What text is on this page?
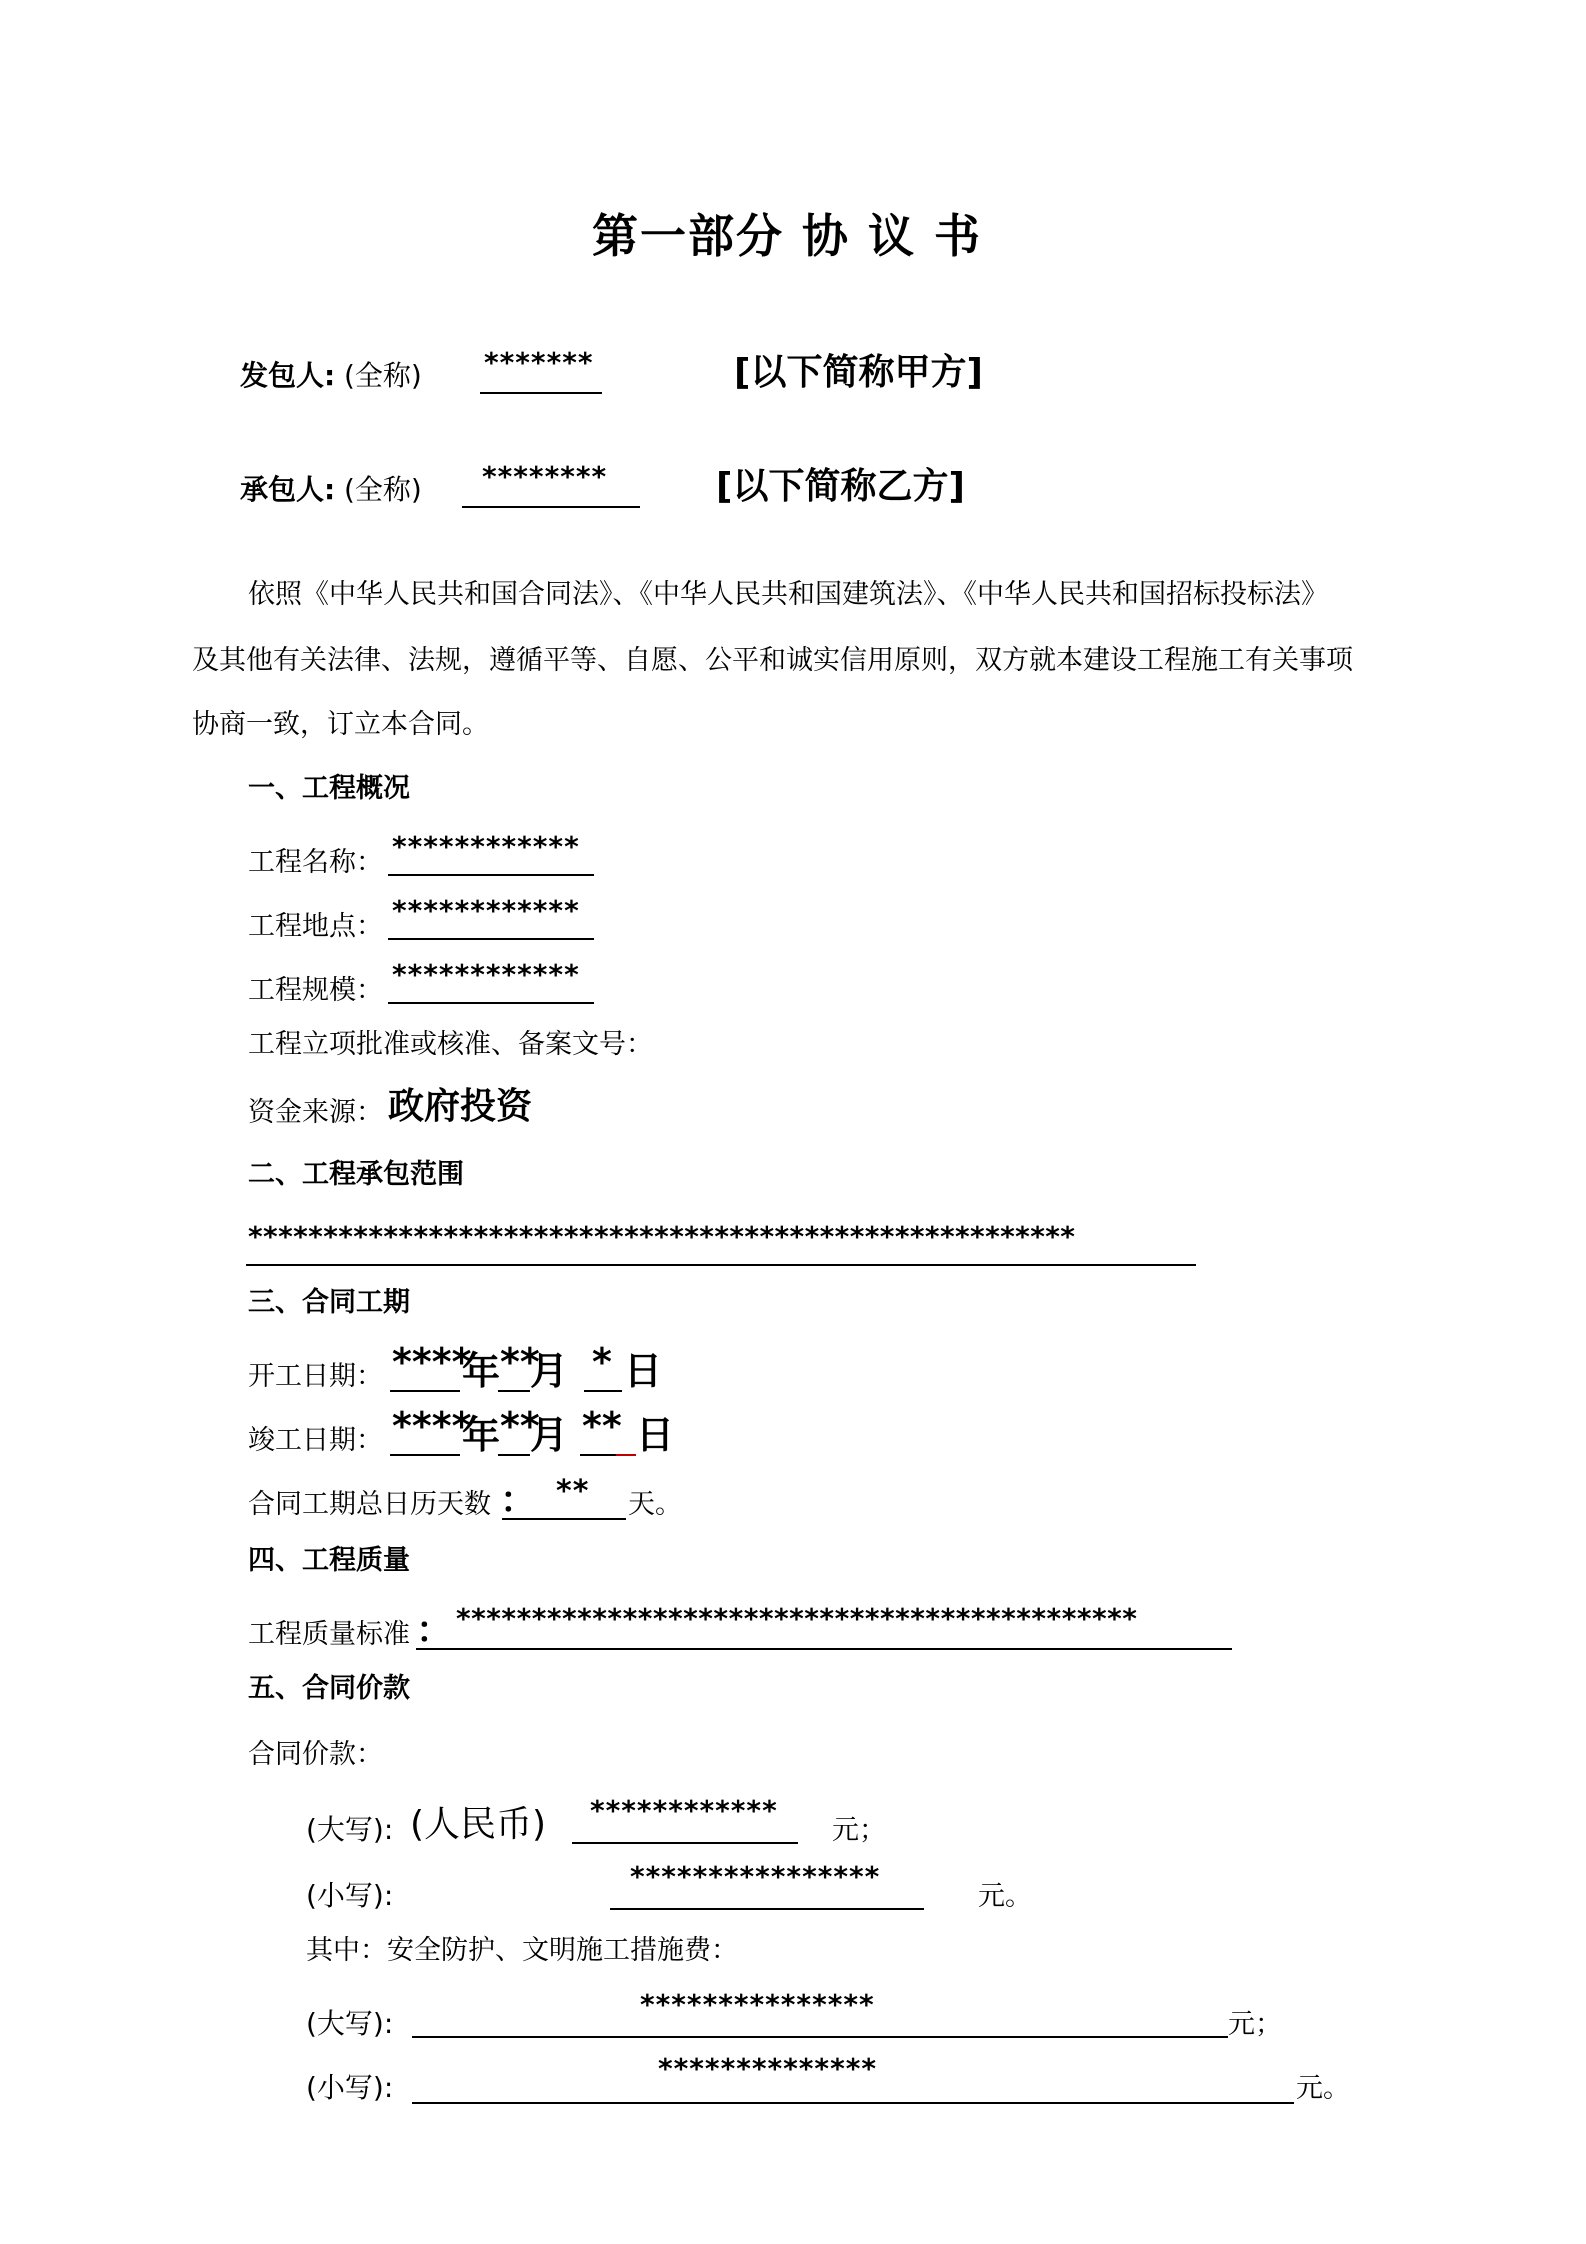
第一部分 协 议 书
发包人: (全称) *******	[以下简称甲方]
承包人: (全称) ********	[以下简称乙方]
依照《中华人民共和国合同法》、《中华人民共和国建筑法》、《中华人民共和国招标投标法》
及其他有关法律、法规，遵循平等、自愿、公平和诚实信用原则，双方就本建设工程施工有关事项
协商一致，订立本合同。
一、工程概况
工程名称： ************
工程地点： ************
工程规模： ************
工程立项批准或核准、备案文号：
资金来源： 政府投资
二、工程承包范围
*******************************************************
三、合同工期
开工日期： ****
年 **
月 * 日
竣工日期： ****
年 **
月 ** 日
合同工期总日历天数 ： ** 天。
四、工程质量
工程质量标准 ： *********************************************
五、合同价款
合同价款：
(大写): (人民币) ************
元；
(小写):
****************
元。
其中：安全防护、文明施工措施费：
(大写):
***************
元；
(小写):
**************
元。
